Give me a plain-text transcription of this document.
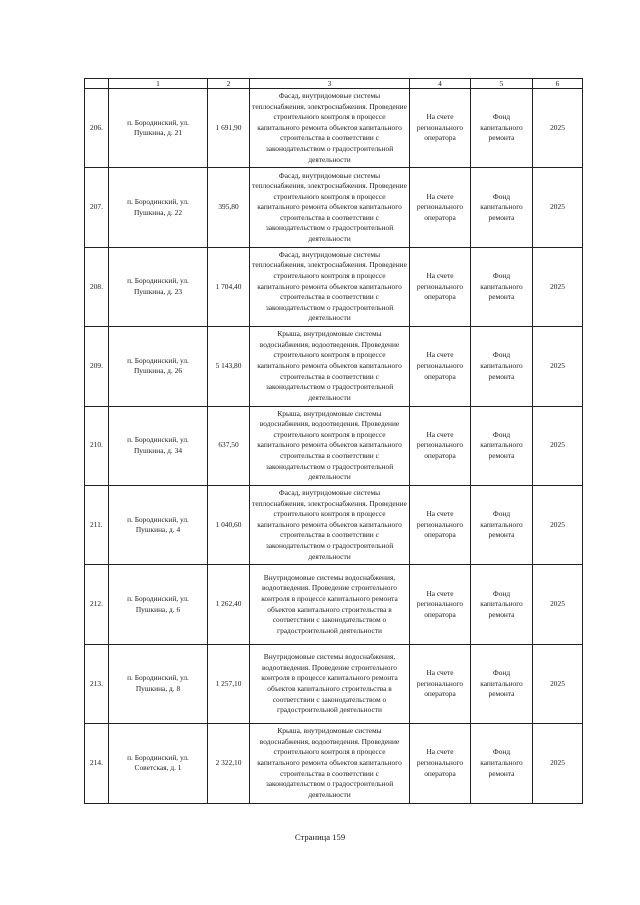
	1	2	3	4	5	6
206.	п. Бородинский, ул. Пушкина, д. 21	1 691,90	Фасад, внутридомовые системы теплоснабжения, электроснабжения. Проведение строительного контроля в процессе капитального ремонта объектов капитального строительства в соответствии с законодательством о градостроительной деятельности	На счете регионального оператора	Фонд капитального ремонта	2025
207.	п. Бородинский, ул. Пушкина, д. 22	395,80	Фасад, внутридомовые системы теплоснабжения, электроснабжения. Проведение строительного контроля в процессе капитального ремонта объектов капитального строительства в соответствии с законодательством о градостроительной деятельности	На счете регионального оператора	Фонд капитального ремонта	2025
208.	п. Бородинский, ул. Пушкина, д. 23	1 704,40	Фасад, внутридомовые системы теплоснабжения, электроснабжения. Проведение строительного контроля в процессе капитального ремонта объектов капитального строительства в соответствии с законодательством о градостроительной деятельности	На счете регионального оператора	Фонд капитального ремонта	2025
209.	п. Бородинский, ул. Пушкина, д. 26	5 143,80	Крыша, внутридомовые системы водоснабжения, водоотведения. Проведение строительного контроля в процессе капитального ремонта объектов капитального строительства в соответствии с законодательством о градостроительной деятельности	На счете регионального оператора	Фонд капитального ремонта	2025
210.	п. Бородинский, ул. Пушкина, д. 34	637,50	Крыша, внутридомовые системы водоснабжения, водоотведения. Проведение строительного контроля в процессе капитального ремонта объектов капитального строительства в соответствии с законодательством о градостроительной деятельности	На счете регионального оператора	Фонд капитального ремонта	2025
211.	п. Бородинский, ул. Пушкина, д. 4	1 040,60	Фасад, внутридомовые системы теплоснабжения, электроснабжения. Проведение строительного контроля в процессе капитального ремонта объектов капитального строительства в соответствии с законодательством о градостроительной деятельности	На счете регионального оператора	Фонд капитального ремонта	2025
212.	п. Бородинский, ул. Пушкина, д. 6	1 262,40	Внутридомовые системы водоснабжения, водоотведения. Проведение строительного контроля в процессе капитального ремонта объектов капитального строительства в соответствии с законодательством о градостроительной деятельности	На счете регионального оператора	Фонд капитального ремонта	2025
213.	п. Бородинский, ул. Пушкина, д. 8	1 257,10	Внутридомовые системы водоснабжения, водоотведения. Проведение строительного контроля в процессе капитального ремонта объектов капитального строительства в соответствии с законодательством о градостроительной деятельности	На счете регионального оператора	Фонд капитального ремонта	2025
214.	п. Бородинский, ул. Советская, д. 1	2 322,10	Крыша, внутридомовые системы водоснабжения, водоотведения. Проведение строительного контроля в процессе капитального ремонта объектов капитального строительства в соответствии с законодательством о градостроительной деятельности	На счете регионального оператора	Фонд капитального ремонта	2025
Страница 159
